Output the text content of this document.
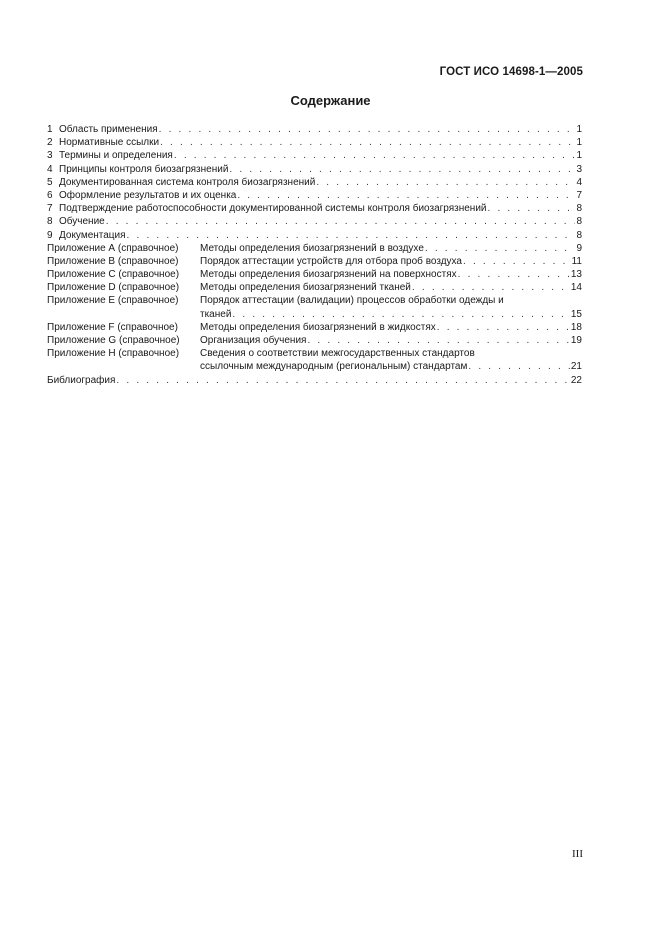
ГОСТ ИСО 14698-1—2005
Содержание
1 Область применения . . .	1
2 Нормативные ссылки . . .	1
3 Термины и определения . . .	1
4 Принципы контроля биозагрязнений . . .	3
5 Документированная система контроля биозагрязнений . . .	4
6 Оформление результатов и их оценка . . .	7
7 Подтверждение работоспособности документированной системы контроля биозагрязнений . . .	8
8 Обучение . . .	8
9 Документация . . .	8
Приложение А (справочное)	Методы определения биозагрязнений в воздухе . . .	9
Приложение В (справочное)	Порядок аттестации устройств для отбора проб воздуха . . .	11
Приложение С (справочное)	Методы определения биозагрязнений на поверхностях . . .	13
Приложение D (справочное)	Методы определения биозагрязнений тканей . . .	14
Приложение Е (справочное)	Порядок аттестации (валидации) процессов обработки одежды и
тканей . . .	15
Приложение F (справочное)	Методы определения биозагрязнений в жидкостях . . .	18
Приложение G (справочное)	Организация обучения . . .	19
Приложение Н (справочное)	Сведения о соответствии межгосударственных стандартов
ссылочным международным (региональным) стандартам . . .	21
Библиография . . .	22
III
